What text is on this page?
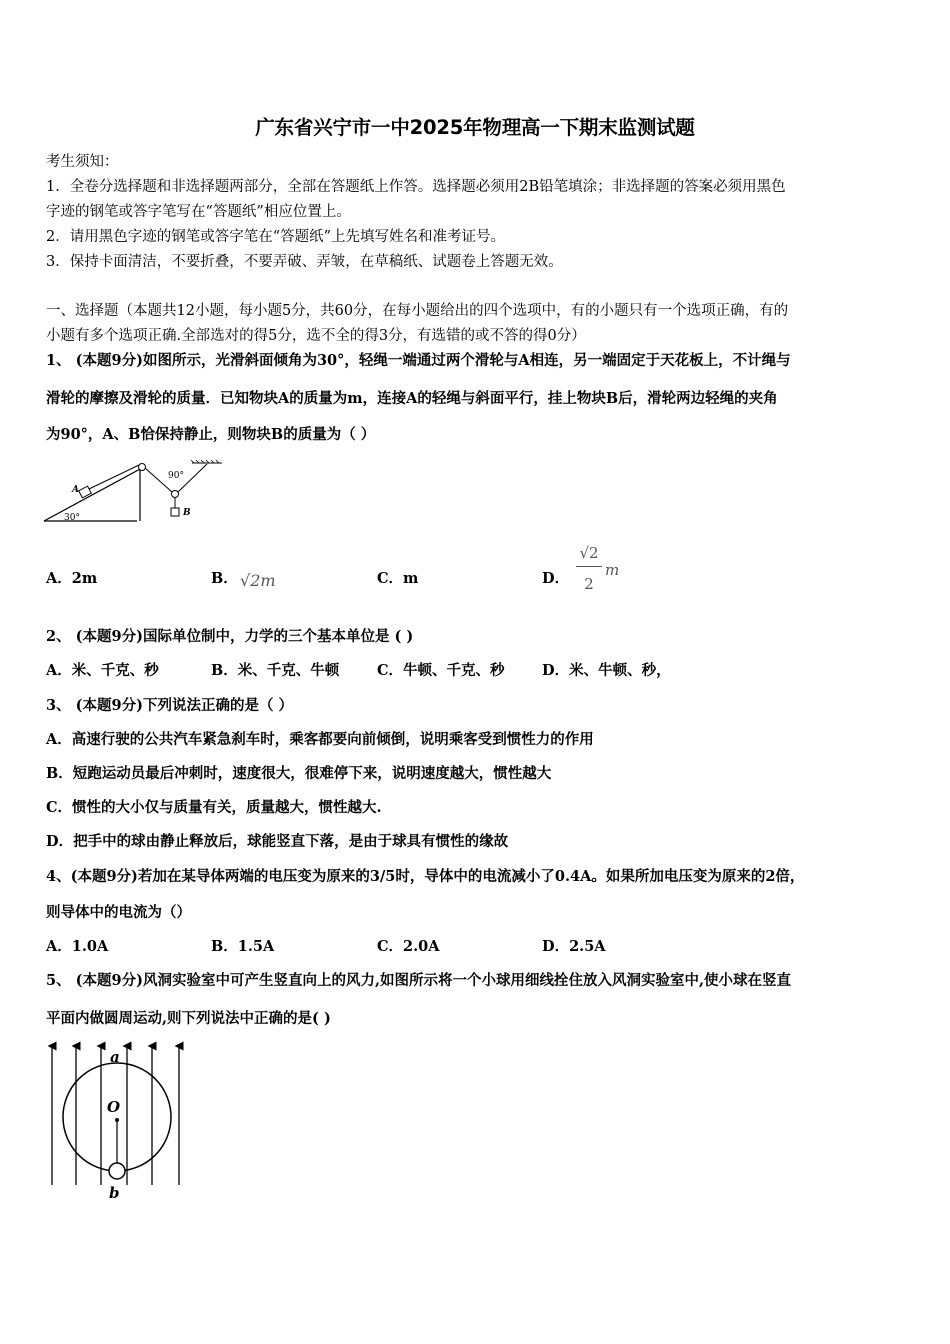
广东省兴宁市一中2025年物理高一下期末监测试题
考生须知：
1．全卷分选择题和非选择题两部分，全部在答题纸上作答。选择题必须用2B铅笔填涂；非选择题的答案必须用黑色
字迹的钢笔或答字笔写在“答题纸”相应位置上。
2．请用黑色字迹的钢笔或答字笔在“答题纸”上先填写姓名和准考证号。
3．保持卡面清洁，不要折叠，不要弄破、弄皱，在草稿纸、试题卷上答题无效。
一、选择题（本题共12小题，每小题5分，共60分，在每小题给出的四个选项中，有的小题只有一个选项正确，有的
小题有多个选项正确.全部选对的得5分，选不全的得3分，有选错的或不答的得0分）
1、 (本题9分)如图所示，光滑斜面倾角为30°，轻绳一端通过两个滑轮与A相连，另一端固定于天花板上，不计绳与
滑轮的摩擦及滑轮的质量．已知物块A的质量为m，连接A的轻绳与斜面平行，挂上物块B后，滑轮两边轻绳的夹角
为90°，A、B恰保持静止，则物块B的质量为（ ）
A
B
30°
90°
A．2m	B． √2m	C．m	D．
√2
2
m
2、 (本题9分)国际单位制中，力学的三个基本单位是 ( )
A．米、千克、秒	B．米、千克、牛顿	C．牛顿、千克、秒	D．米、牛顿、秒，
3、 (本题9分)下列说法正确的是（ ）
A．高速行驶的公共汽车紧急刹车时，乘客都要向前倾倒，说明乘客受到惯性力的作用
B．短跑运动员最后冲刺时，速度很大，很难停下来，说明速度越大，惯性越大
C．惯性的大小仅与质量有关，质量越大，惯性越大.
D．把手中的球由静止释放后，球能竖直下落，是由于球具有惯性的缘故
4、(本题9分)若加在某导体两端的电压变为原来的3/5时，导体中的电流减小了0.4A。如果所加电压变为原来的2倍，
则导体中的电流为（）
A．1.0A	B．1.5A	C．2.0A	D．2.5A
5、 (本题9分)风洞实验室中可产生竖直向上的风力,如图所示将一个小球用细线拴住放入风洞实验室中,使小球在竖直
平面内做圆周运动,则下列说法中正确的是( )
a
O
b
